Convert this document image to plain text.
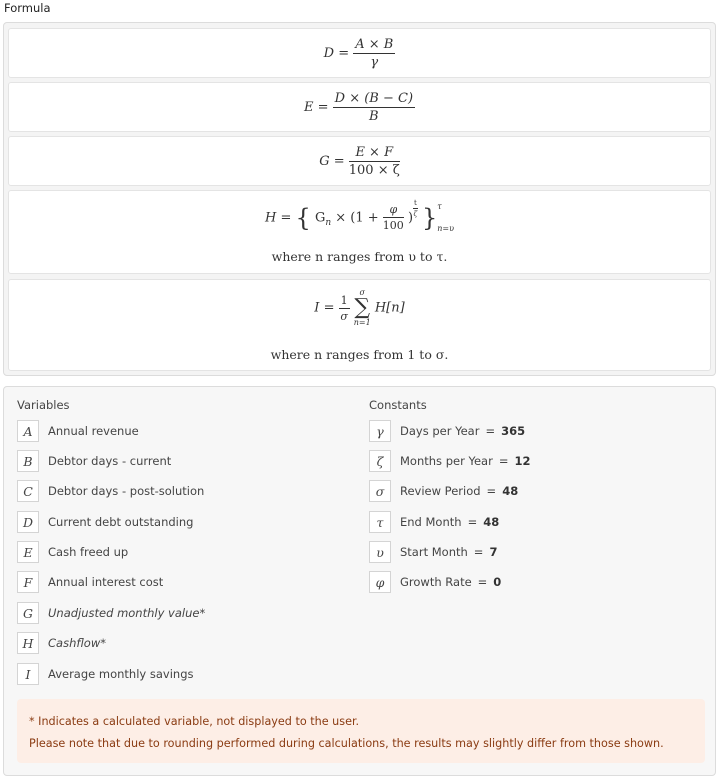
Formula
$D = \frac{A \times B}{\gamma}$
$E = \frac{D \times (B - C)}{B}$
$G = \frac{E \times F}{100 \times \zeta}$
H = { $G_n \times (1 + \frac{\varphi}{100}$ ) $\frac{t}{\zeta}$ } τ
n=υ
where n ranges from υ to τ.
$I = \frac{1}{\sigma}$

σ
∑
n=1
H[n]
where n ranges from 1 to σ.
Variables	Constants
A	Annual revenue
B	Debtor days - current
C	Debtor days - post-solution
D	Current debt outstanding
E	Cash freed up
F	Annual interest cost
G	Unadjusted monthly value*
H	Cashflow*
I	Average monthly savings
γ	Days per Year = 365
ζ	Months per Year = 12
σ	Review Period = 48
τ	End Month = 48
υ	Start Month = 7
φ	Growth Rate = 0
* Indicates a calculated variable, not displayed to the user.
Please note that due to rounding performed during calculations, the results may slightly differ from those shown.
